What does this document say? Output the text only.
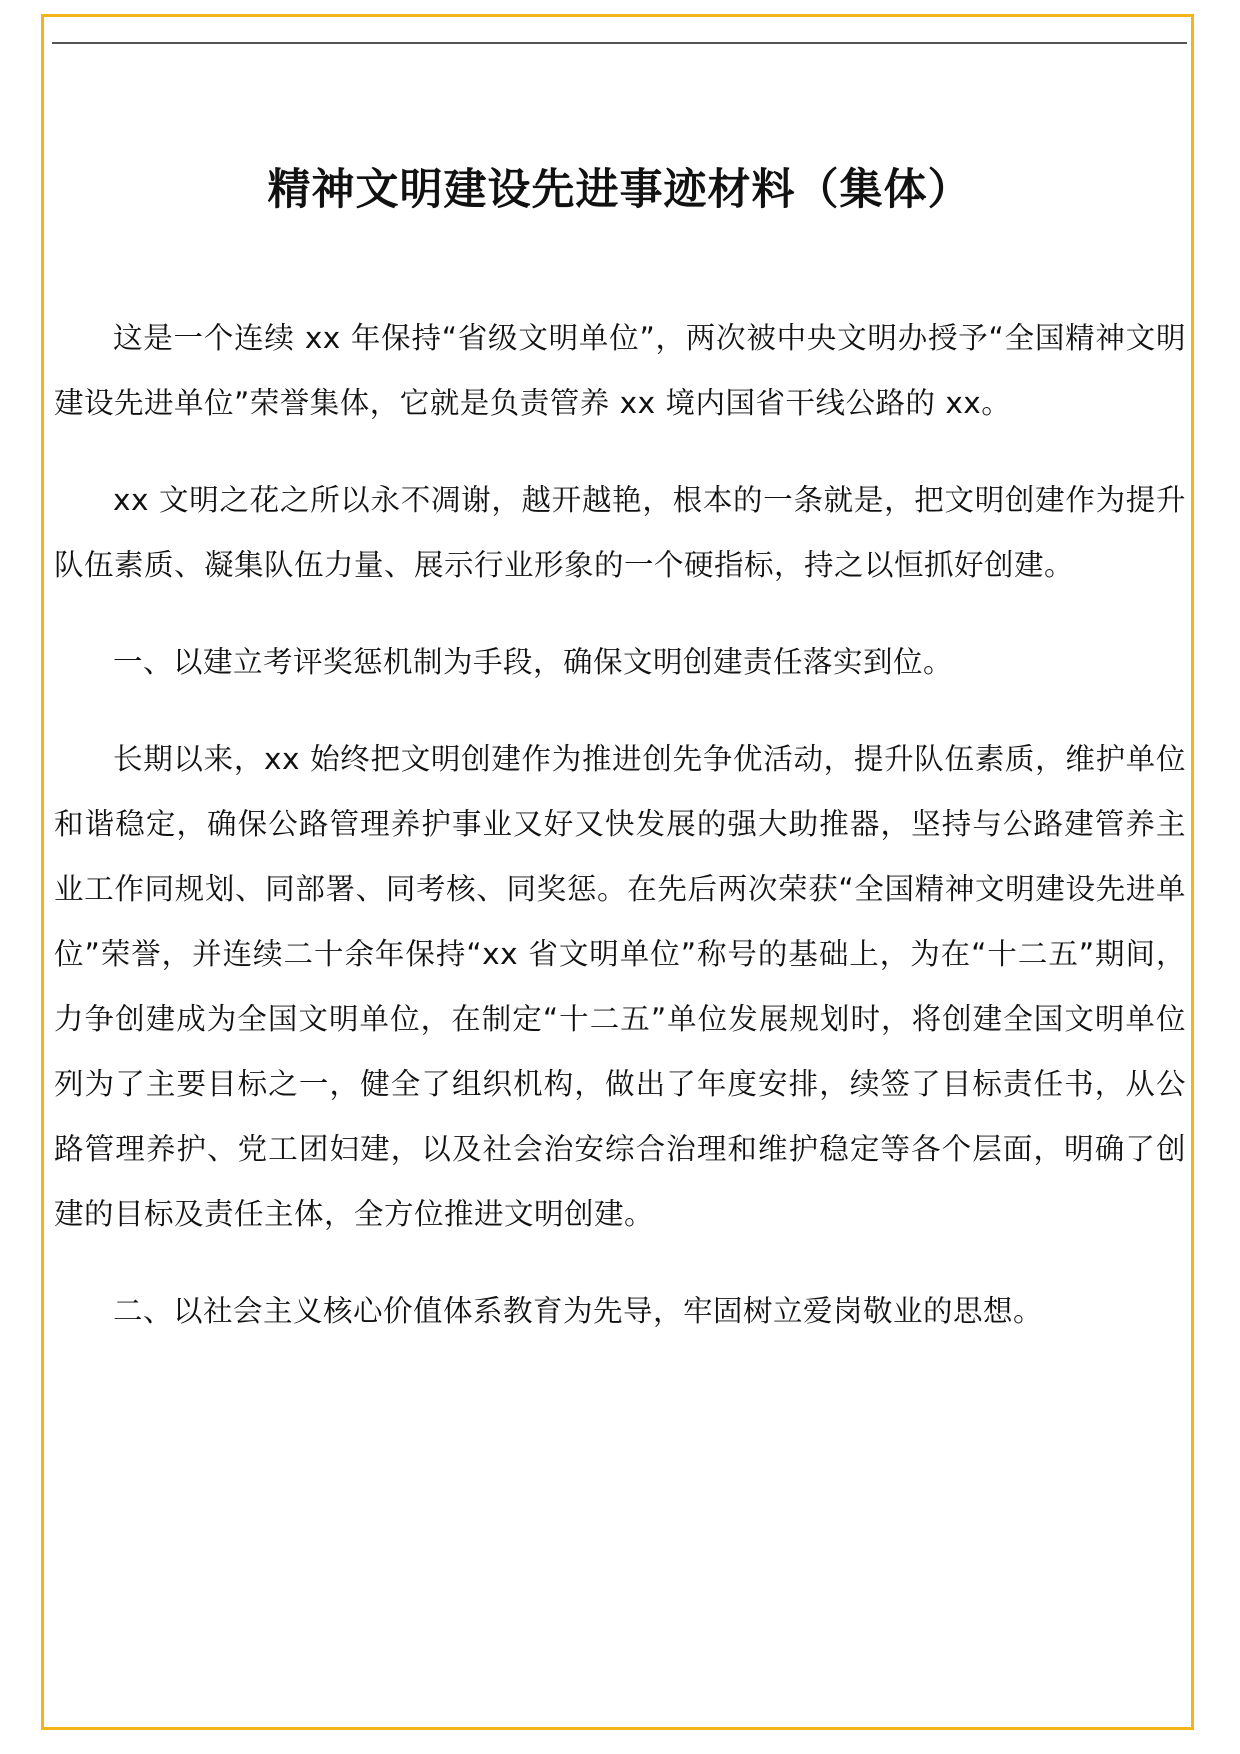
精神文明建设先进事迹材料（集体）

这是一个连续 xx 年保持“省级文明单位”，两次被中央文明办授予“全国精神文明建设先进单位”荣誉集体，它就是负责管养 xx 境内国省干线公路的 xx。

xx 文明之花之所以永不凋谢，越开越艳，根本的一条就是，把文明创建作为提升队伍素质、凝集队伍力量、展示行业形象的一个硬指标，持之以恒抓好创建。

一、以建立考评奖惩机制为手段，确保文明创建责任落实到位。

长期以来，xx 始终把文明创建作为推进创先争优活动，提升队伍素质，维护单位和谐稳定，确保公路管理养护事业又好又快发展的强大助推器，坚持与公路建管养主业工作同规划、同部署、同考核、同奖惩。在先后两次荣获“全国精神文明建设先进单位”荣誉，并连续二十余年保持“xx 省文明单位”称号的基础上，为在“十二五”期间，力争创建成为全国文明单位，在制定“十二五”单位发展规划时，将创建全国文明单位列为了主要目标之一，健全了组织机构，做出了年度安排，续签了目标责任书，从公路管理养护、党工团妇建，以及社会治安综合治理和维护稳定等各个层面，明确了创建的目标及责任主体，全方位推进文明创建。

二、以社会主义核心价值体系教育为先导，牢固树立爱岗敬业的思想。
